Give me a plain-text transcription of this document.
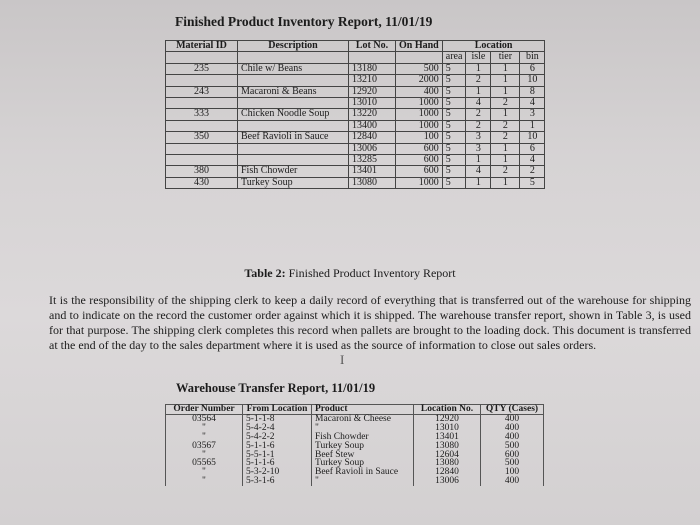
Finished Product Inventory Report, 11/01/19
Material ID	Description	Lot No.	On Hand	Location			
				area	isle	tier	bin
235	Chile w/ Beans	13180	500	5	1	1	6
		13210	2000	5	2	1	10
243	Macaroni & Beans	12920	400	5	1	1	8
		13010	1000	5	4	2	4
333	Chicken Noodle Soup	13220	1000	5	2	1	3
		13400	1000	5	2	2	1
350	Beef Ravioli in Sauce	12840	100	5	3	2	10
		13006	600	5	3	1	6
		13285	600	5	1	1	4
380	Fish Chowder	13401	600	5	4	2	2
430	Turkey Soup	13080	1000	5	1	1	5
Table 2: Finished Product Inventory Report
It is the responsibility of the shipping clerk to keep a daily record of everything that is transferred out of the warehouse for shipping and to indicate on the record the customer order against which it is shipped. The warehouse transfer report, shown in Table 3, is used for that purpose. The shipping clerk completes this record when pallets are brought to the loading dock. This document is transferred at the end of the day to the sales department where it is used as the source of information to close out sales orders.
I
Warehouse Transfer Report, 11/01/19
Order Number	From Location	Product	Location No.	QTY (Cases)
03564	5-1-1-8	Macaroni & Cheese	12920	400
"	5-4-2-4	"	13010	400
"	5-4-2-2	Fish Chowder	13401	400
03567	5-1-1-6	Turkey Soup	13080	500
"	5-5-1-1	Beef Stew	12604	600
05565	5-1-1-6	Turkey Soup	13080	500
"	5-3-2-10	Beef Ravioli in Sauce	12840	100
"	5-3-1-6	"	13006	400
